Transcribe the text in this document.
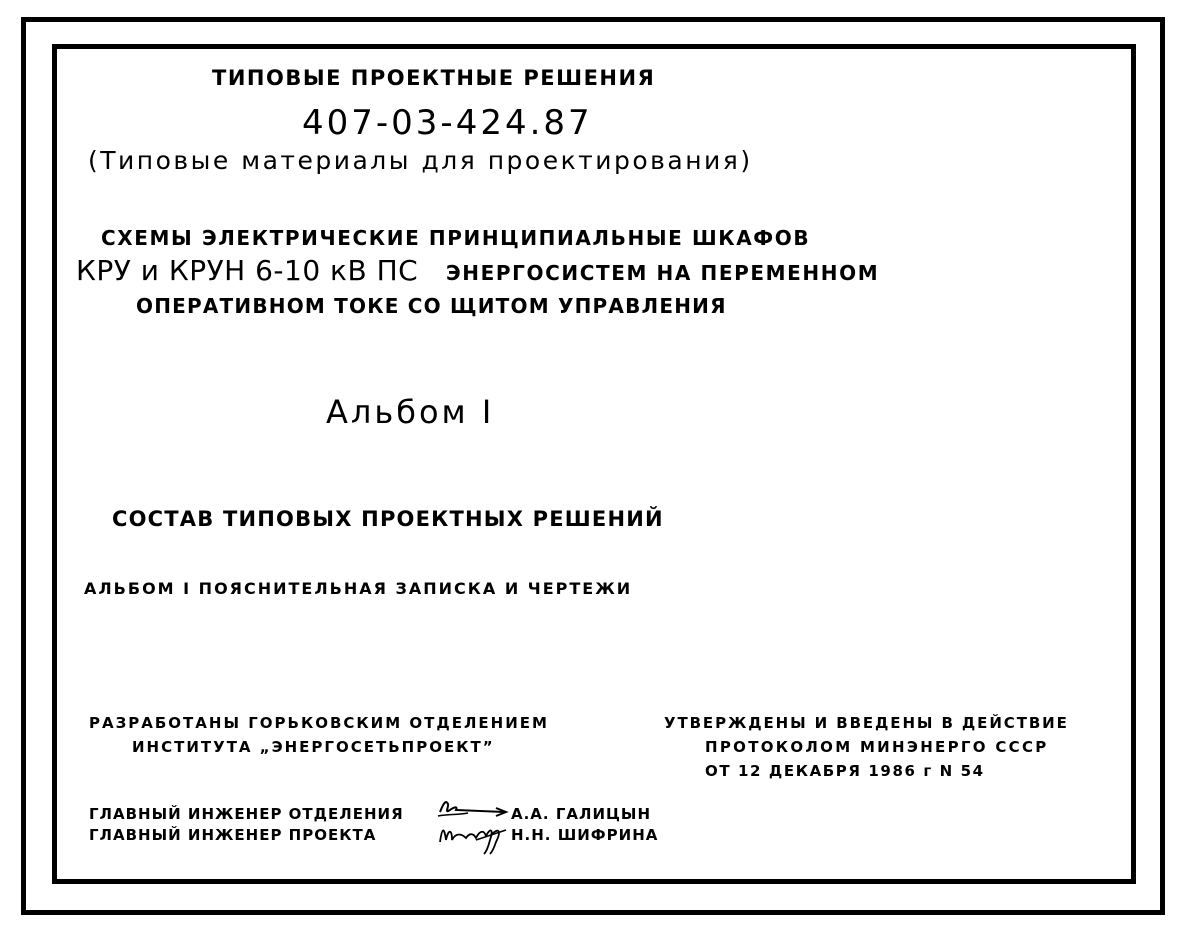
ТИПОВЫЕ ПРОЕКТНЫЕ РЕШЕНИЯ
407-03-424.87
(Типовые материалы для проектирования)
СХЕМЫ ЭЛЕКТРИЧЕСКИЕ ПРИНЦИПИАЛЬНЫЕ ШКАФОВ
КРУ и КРУН 6-10 кВ ПС ЭНЕРГОСИСТЕМ НА ПЕРЕМЕННОМ
ОПЕРАТИВНОМ ТОКЕ СО ЩИТОМ УПРАВЛЕНИЯ
Альбом I
СОСТАВ ТИПОВЫХ ПРОЕКТНЫХ РЕШЕНИЙ
АЛЬБОМ I ПОЯСНИТЕЛЬНАЯ ЗАПИСКА И ЧЕРТЕЖИ
РАЗРАБОТАНЫ ГОРЬКОВСКИМ ОТДЕЛЕНИЕМ
ИНСТИТУТА „ЭНЕРГОСЕТЬПРОЕКТ”
УТВЕРЖДЕНЫ И ВВЕДЕНЫ В ДЕЙСТВИЕ
ПРОТОКОЛОМ МИНЭНЕРГО СССР
ОТ 12 ДЕКАБРЯ 1986 г N 54
ГЛАВНЫЙ ИНЖЕНЕР ОТДЕЛЕНИЯ	А.А. ГАЛИЦЫН
ГЛАВНЫЙ ИНЖЕНЕР ПРОЕКТА	Н.Н. ШИФРИНА
